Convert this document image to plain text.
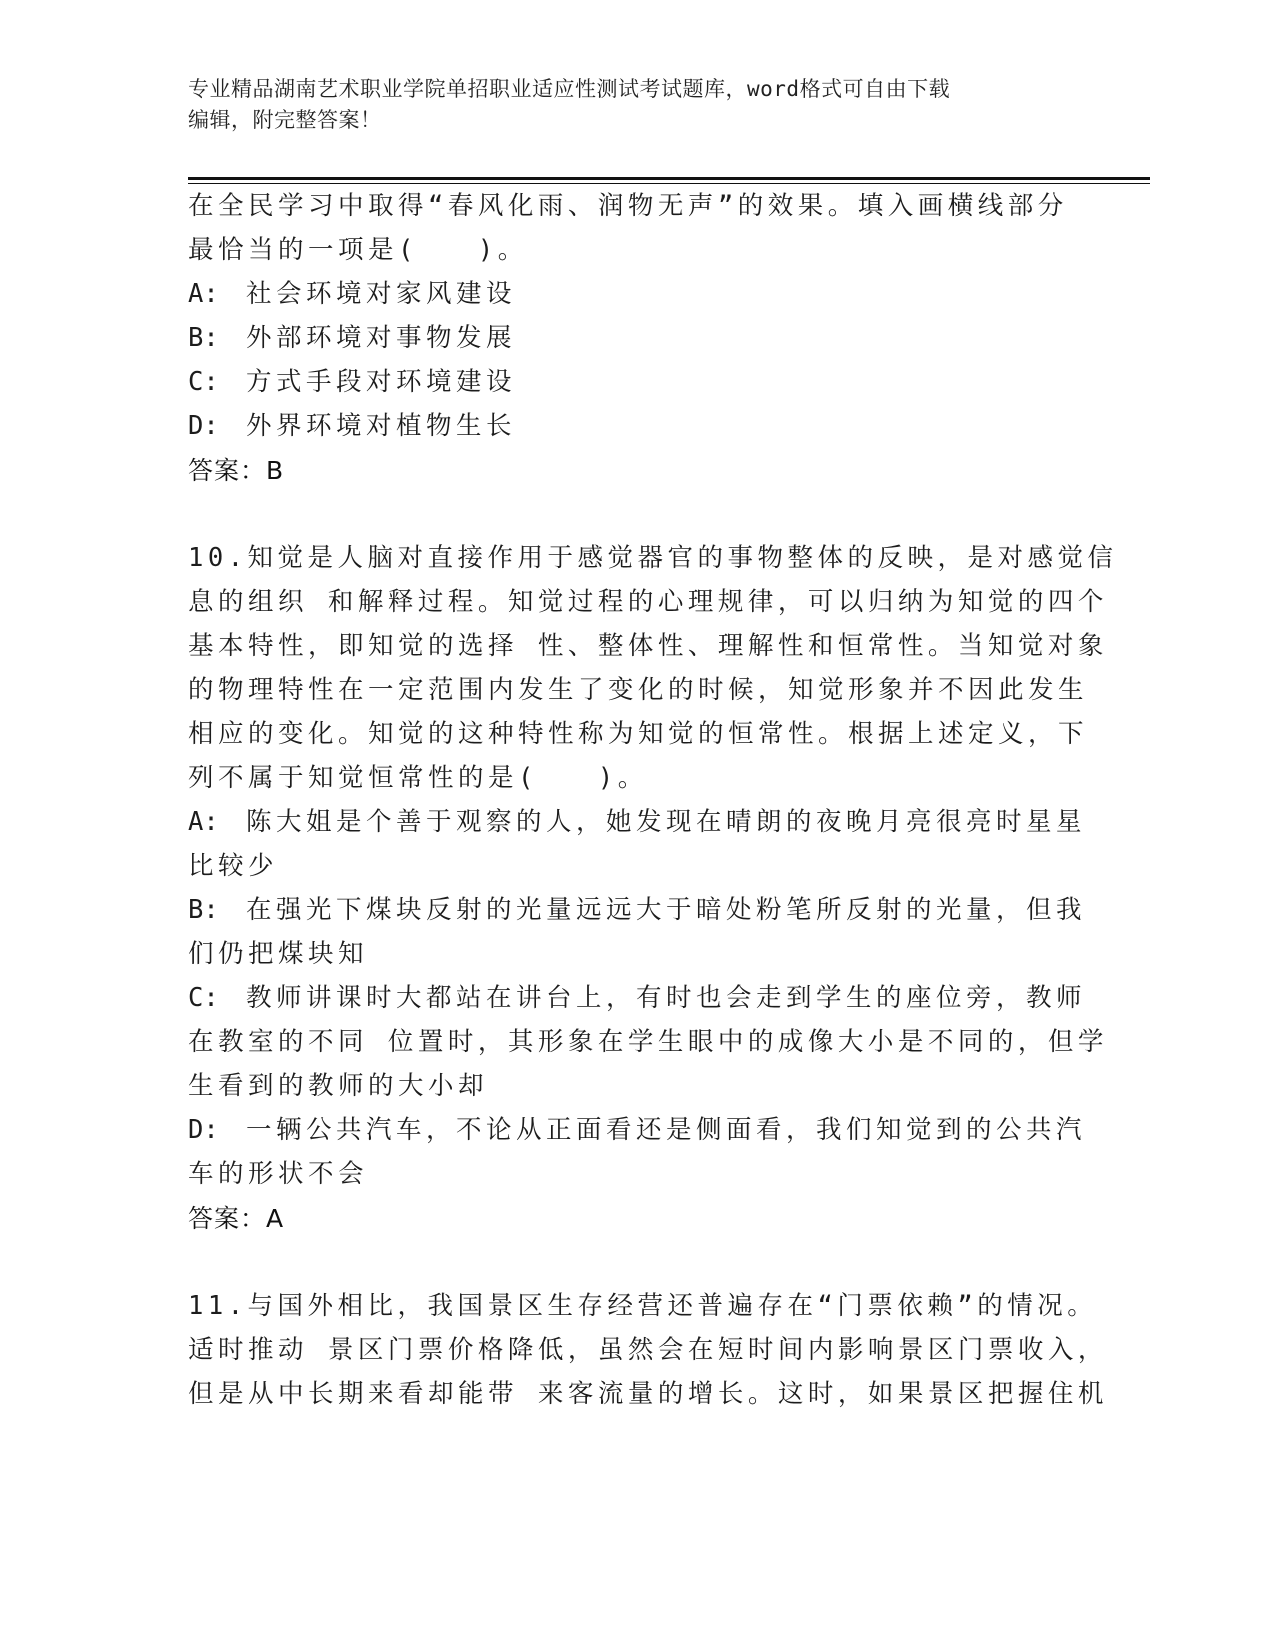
专业精品湖南艺术职业学院单招职业适应性测试考试题库，word格式可自由下载
编辑，附完整答案！
在全民学习中取得“春风化雨、润物无声”的效果。填入画横线部分
最恰当的一项是(　　)。
A: 社会环境对家风建设
B: 外部环境对事物发展
C: 方式手段对环境建设
D: 外界环境对植物生长
答案：B
10.知觉是人脑对直接作用于感觉器官的事物整体的反映，是对感觉信
息的组织 和解释过程。知觉过程的心理规律，可以归纳为知觉的四个
基本特性，即知觉的选择 性、整体性、理解性和恒常性。当知觉对象
的物理特性在一定范围内发生了变化的时候，知觉形象并不因此发生
相应的变化。知觉的这种特性称为知觉的恒常性。根据上述定义，下
列不属于知觉恒常性的是(　　)。
A: 陈大姐是个善于观察的人，她发现在晴朗的夜晚月亮很亮时星星
比较少
B: 在强光下煤块反射的光量远远大于暗处粉笔所反射的光量，但我
们仍把煤块知
C: 教师讲课时大都站在讲台上，有时也会走到学生的座位旁，教师
在教室的不同 位置时，其形象在学生眼中的成像大小是不同的，但学
生看到的教师的大小却
D: 一辆公共汽车，不论从正面看还是侧面看，我们知觉到的公共汽
车的形状不会
答案：A
11.与国外相比，我国景区生存经营还普遍存在“门票依赖”的情况。
适时推动 景区门票价格降低，虽然会在短时间内影响景区门票收入，
但是从中长期来看却能带 来客流量的增长。这时，如果景区把握住机
